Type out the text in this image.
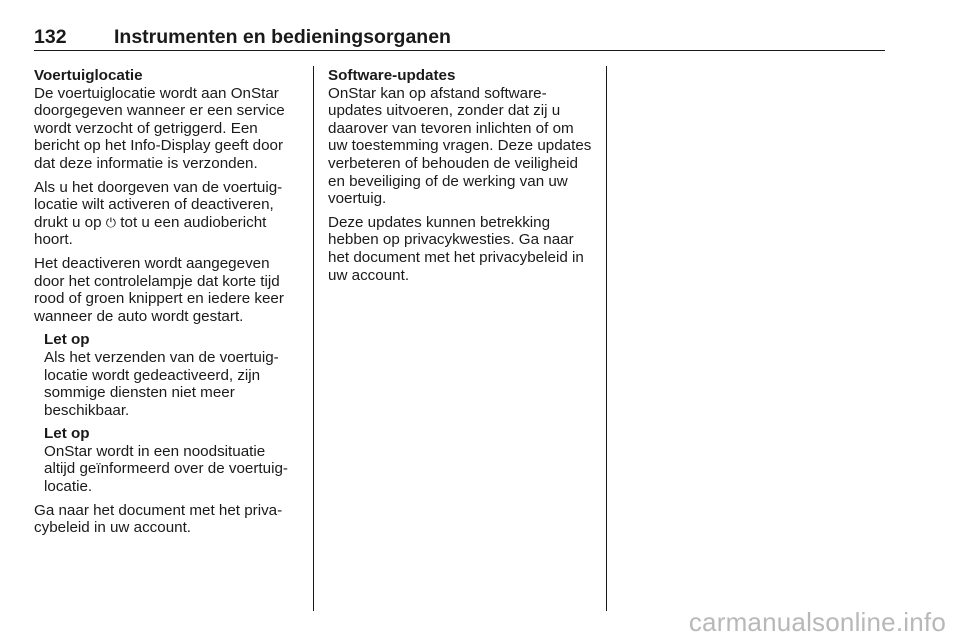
132 Instrumenten en bedieningsorganen

Voertuiglocatie

De voertuiglocatie wordt aan OnStar doorgegeven wanneer er een service wordt verzocht of getriggerd. Een bericht op het Info-Display geeft door dat deze informatie is verzonden.

Als u het doorgeven van de voertuiglocatie wilt activeren of deactiveren, drukt u op ⏻ tot u een audiobericht hoort.

Het deactiveren wordt aangegeven door het controlelampje dat korte tijd rood of groen knippert en iedere keer wanneer de auto wordt gestart.

Let op

Als het verzenden van de voertuiglocatie wordt gedeactiveerd, zijn sommige diensten niet meer beschikbaar.

Let op

OnStar wordt in een noodsituatie altijd geïnformeerd over de voertuiglocatie.

Ga naar het document met het privacybeleid in uw account.

Software-updates

OnStar kan op afstand software-updates uitvoeren, zonder dat zij u daarover van tevoren inlichten of om uw toestemming vragen. Deze updates verbeteren of behouden de veiligheid en beveiliging of de werking van uw voertuig.

Deze updates kunnen betrekking hebben op privacykwesties. Ga naar het document met het privacybeleid in uw account.

carmanualsonline.info
